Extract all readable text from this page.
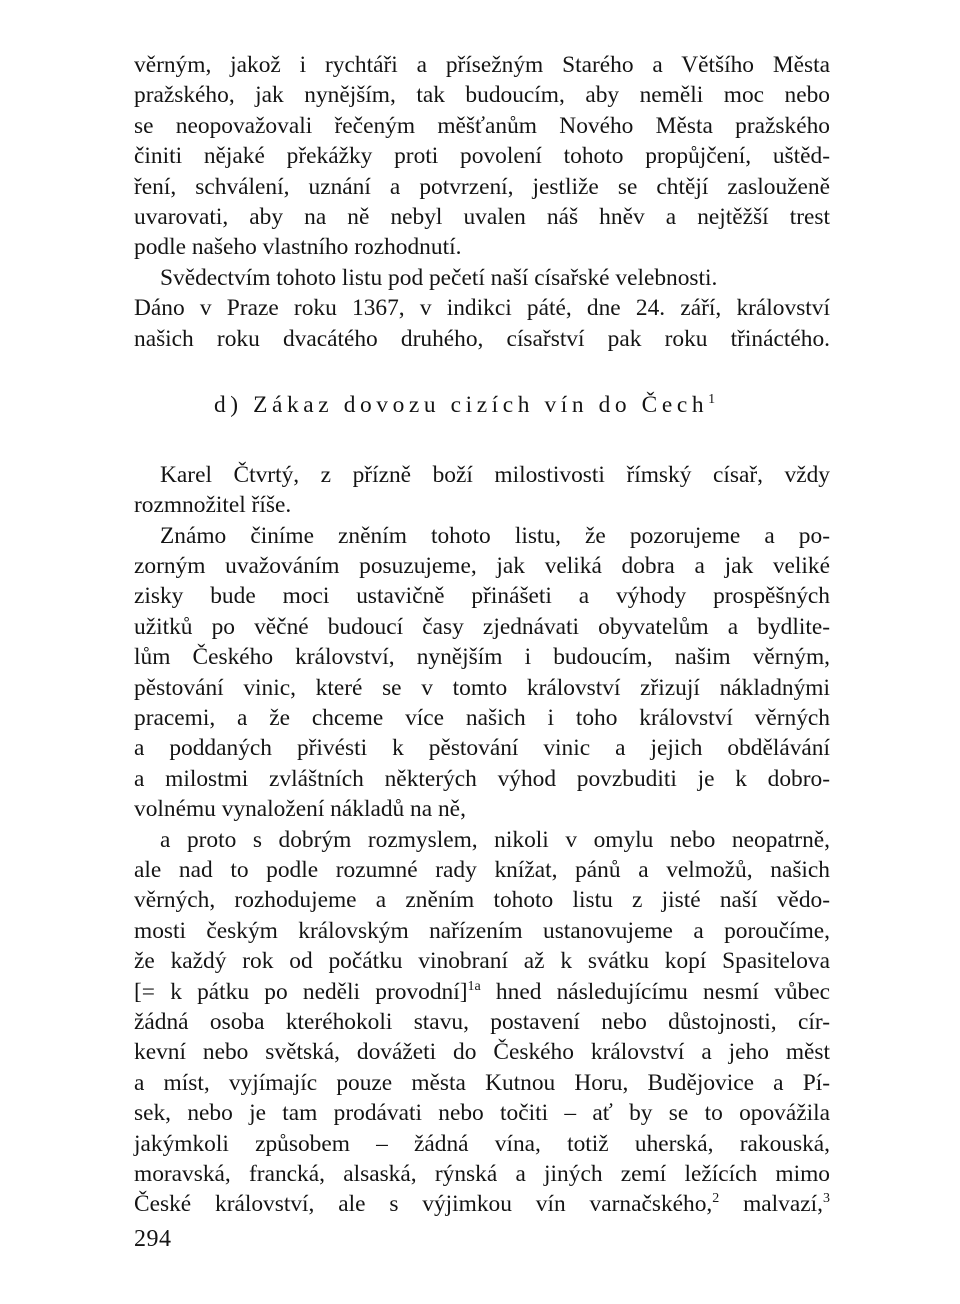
věrným, jakož i rychtáři a přísežným Starého a Většího Města
pražského, jak nynějším, tak budoucím, aby neměli moc nebo
se neopovažovali řečeným měšťanům Nového Města pražského
činiti nějaké překážky proti povolení tohoto propůjčení, uštěd-
ření, schválení, uznání a potvrzení, jestliže se chtějí zaslouženě
uvarovati, aby na ně nebyl uvalen náš hněv a nejtěžší trest
podle našeho vlastního rozhodnutí.
Svědectvím tohoto listu pod pečetí naší císařské velebnosti.
Dáno v Praze roku 1367, v indikci páté, dne 24. září, království
našich roku dvacátého druhého, císařství pak roku třináctého.
d) Zákaz dovozu cizích vín do Čech$^1$
Karel Čtvrtý, z přízně boží milostivosti římský císař, vždy
rozmnožitel říše.
Známo činíme zněním tohoto listu, že pozorujeme a po-
zorným uvažováním posuzujeme, jak veliká dobra a jak veliké
zisky bude moci ustavičně přinášeti a výhody prospěšných
užitků po věčné budoucí časy zjednávati obyvatelům a bydlite-
lům Českého království, nynějším i budoucím, našim věrným,
pěstování vinic, které se v tomto království zřizují nákladnými
pracemi, a že chceme více našich i toho království věrných
a poddaných přivésti k pěstování vinic a jejich obdělávání
a milostmi zvláštních některých výhod povzbuditi je k dobro-
volnému vynaložení nákladů na ně,
a proto s dobrým rozmyslem, nikoli v omylu nebo neopatrně,
ale nad to podle rozumné rady knížat, pánů a velmožů, našich
věrných, rozhodujeme a zněním tohoto listu z jisté naší vědo-
mosti českým královským nařízením ustanovujeme a poroučíme,
že každý rok od počátku vinobraní až k svátku kopí Spasitelova
[= k pátku po neděli provodní]$^{1a}$ hned následujícímu nesmí vůbec
žádná osoba kteréhokoli stavu, postavení nebo důstojnosti, cír-
kevní nebo světská, dovážeti do Českého království a jeho měst
a míst, vyjímajíc pouze města Kutnou Horu, Budějovice a Pí-
sek, nebo je tam prodávati nebo točiti – ať by se to opovážila
jakýmkoli způsobem – žádná vína, totiž uherská, rakouská,
moravská, francká, alsaská, rýnská a jiných zemí ležících mimo
České království, ale s výjimkou vín varnačského,$^2$ malvazí,$^3$
294
